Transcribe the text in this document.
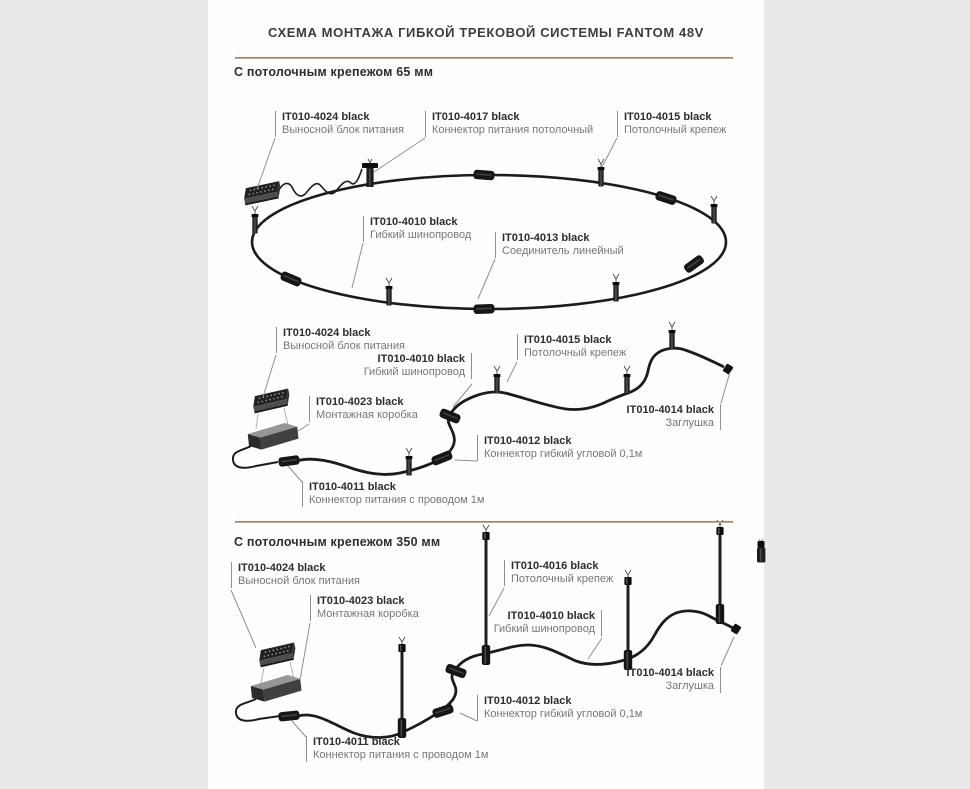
СХЕМА МОНТАЖА ГИБКОЙ ТРЕКОВОЙ СИСТЕМЫ FANTOM 48V
С потолочным крепежом 65 мм
С потолочным крепежом 350 мм
IT010-4024 black
Выносной блок питания
IT010-4017 black
Коннектор питания потолочный
IT010-4015 black
Потолочный крепеж
IT010-4010 black
Гибкий шинопровод	IT010-4013 black
Соединитель линейный
IT010-4024 black
Выносной блок питания
IT010-4010 black
Гибкий шинопровод
IT010-4015 black
Потолочный крепеж
IT010-4023 black
Монтажная коробка	IT010-4014 black
Заглушка
IT010-4012 black
Коннектор гибкий угловой 0,1м
IT010-4011 black
Коннектор питания с проводом 1м
IT010-4024 black
Выносной блок питания
IT010-4023 black
Монтажная коробка
IT010-4016 black
Потолочный крепеж
IT010-4010 black
Гибкий шинопровод
IT010-4014 black
Заглушка
IT010-4012 black
Коннектор гибкий угловой 0,1м
IT010-4011 black
Коннектор питания с проводом 1м
